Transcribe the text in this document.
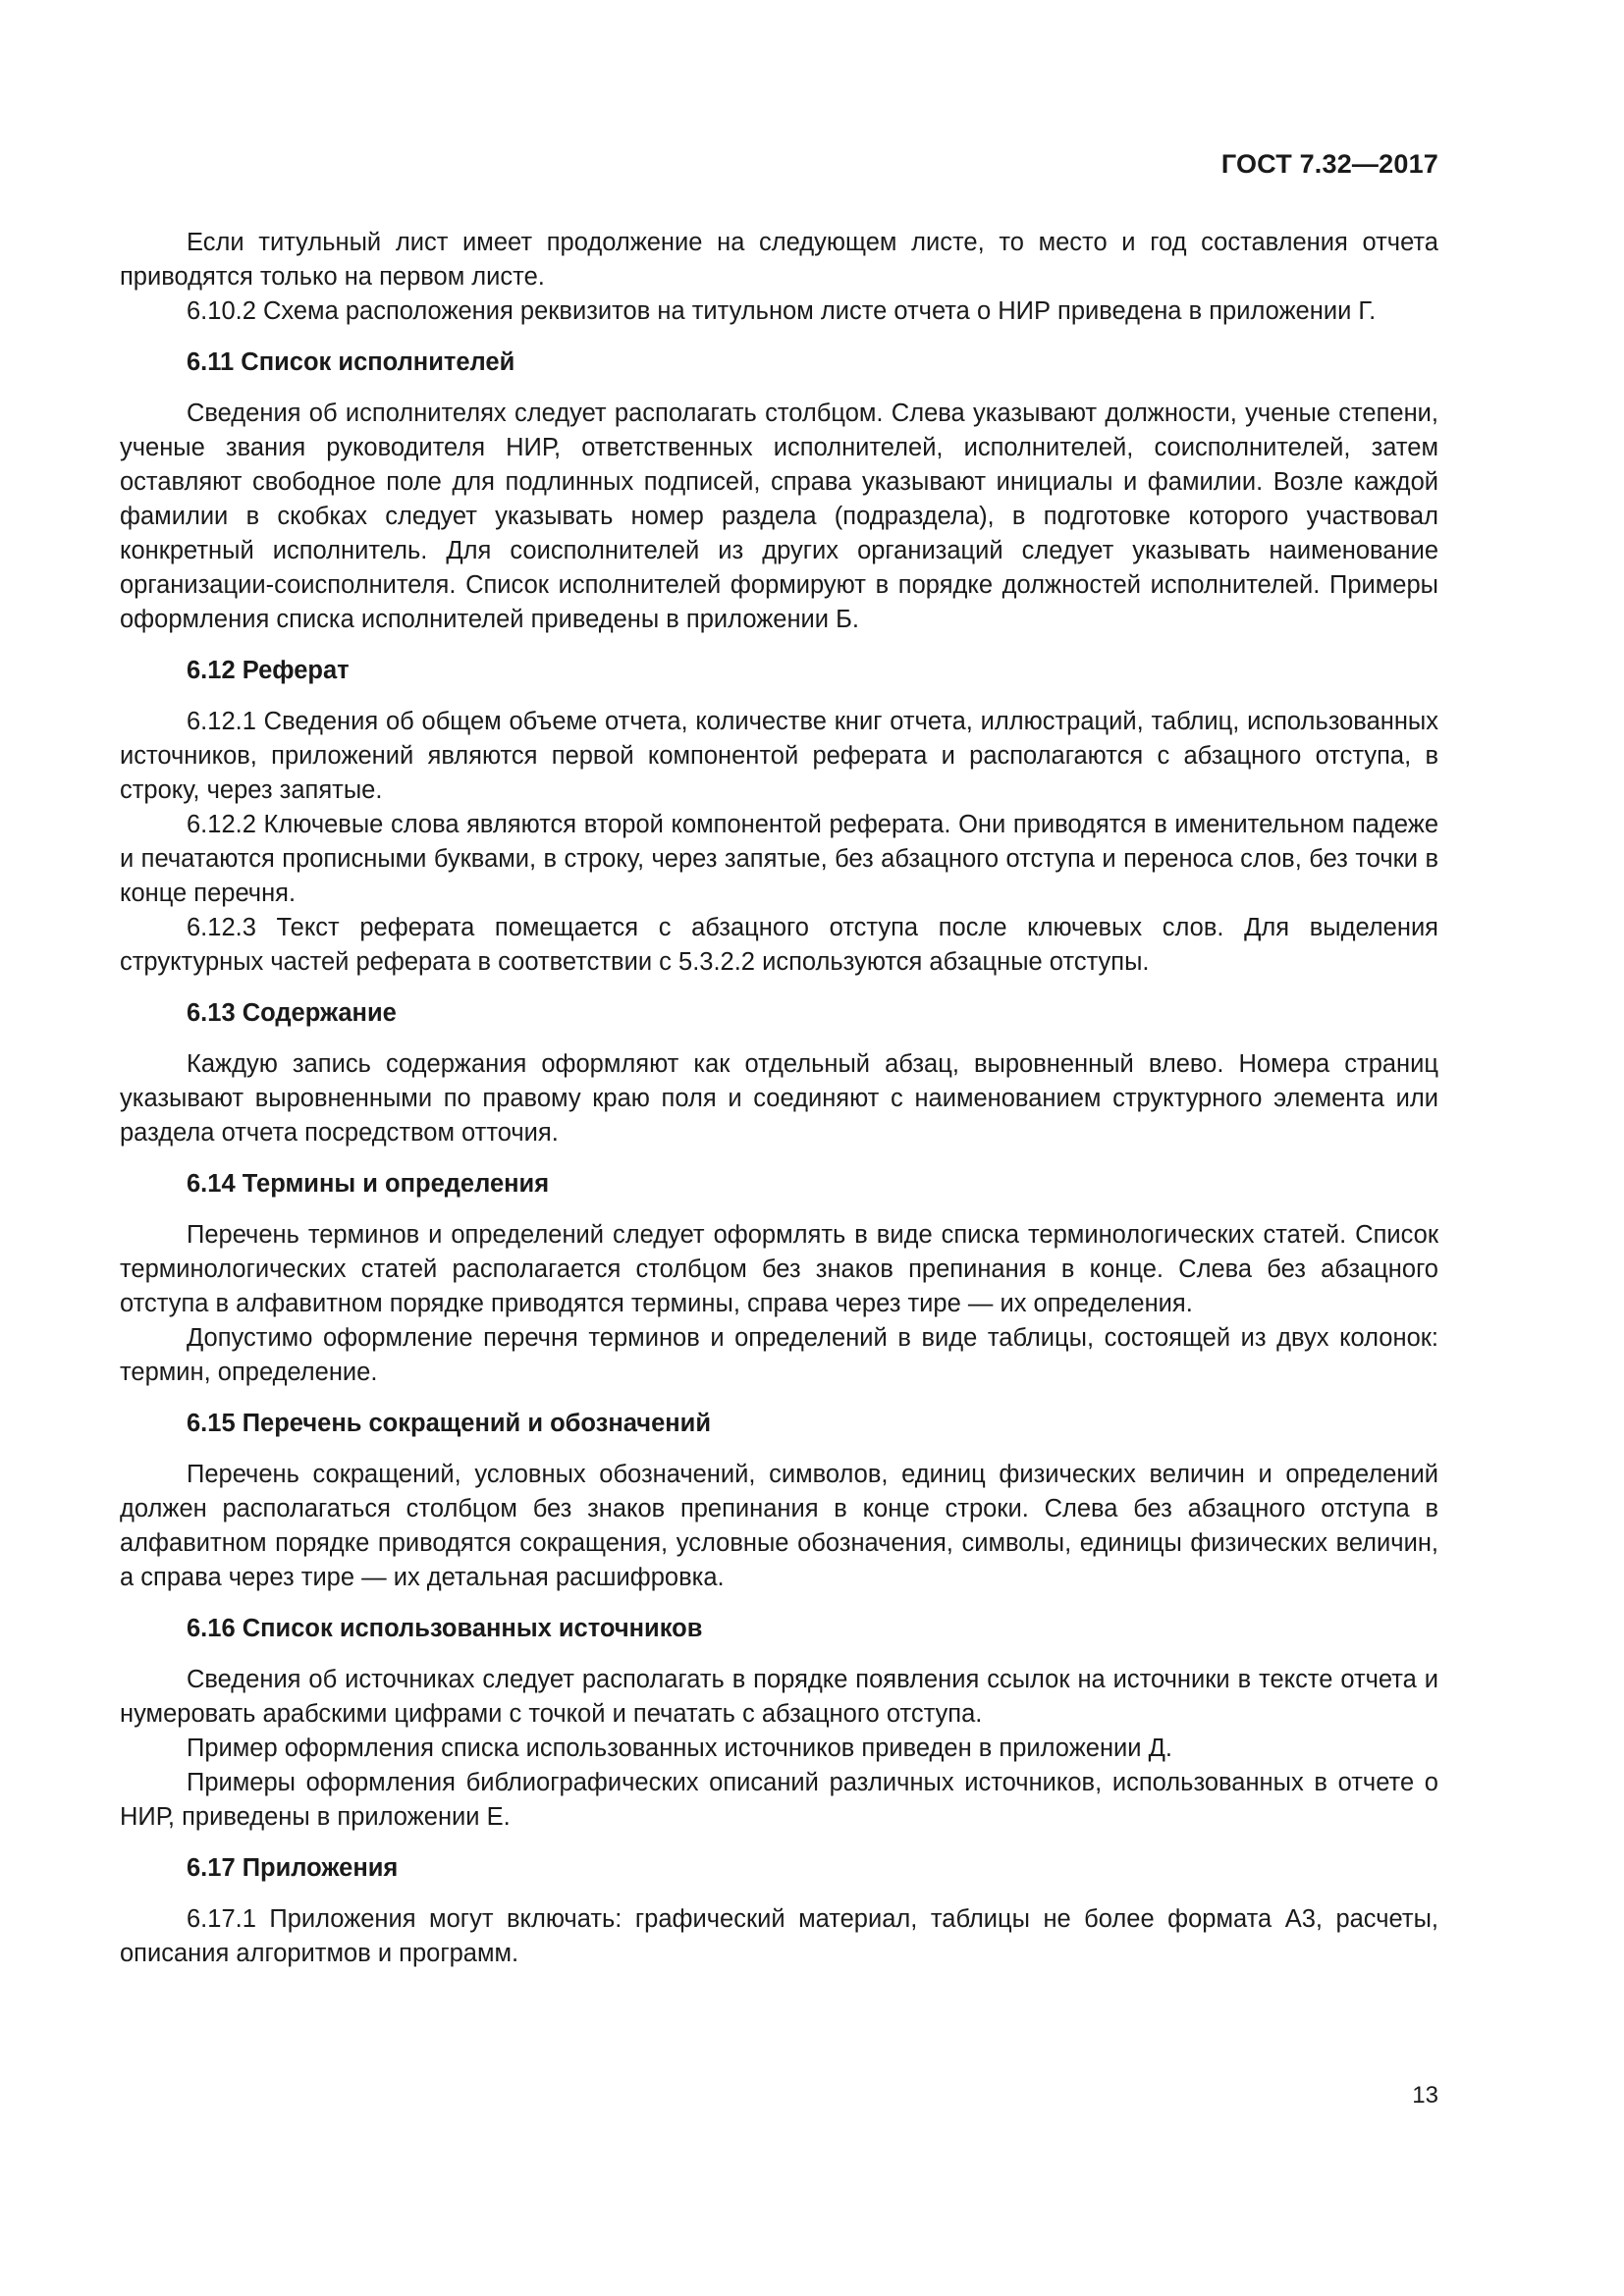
ГОСТ 7.32—2017

Если титульный лист имеет продолжение на следующем листе, то место и год составления отчета приводятся только на первом листе.

6.10.2 Схема расположения реквизитов на титульном листе отчета о НИР приведена в приложении Г.

6.11 Список исполнителей

Сведения об исполнителях следует располагать столбцом. Слева указывают должности, ученые степени, ученые звания руководителя НИР, ответственных исполнителей, исполнителей, соисполнителей, затем оставляют свободное поле для подлинных подписей, справа указывают инициалы и фамилии. Возле каждой фамилии в скобках следует указывать номер раздела (подраздела), в подготовке которого участвовал конкретный исполнитель. Для соисполнителей из других организаций следует указывать наименование организации-соисполнителя. Список исполнителей формируют в порядке должностей исполнителей. Примеры оформления списка исполнителей приведены в приложении Б.

6.12 Реферат

6.12.1 Сведения об общем объеме отчета, количестве книг отчета, иллюстраций, таблиц, использованных источников, приложений являются первой компонентой реферата и располагаются с абзацного отступа, в строку, через запятые.

6.12.2 Ключевые слова являются второй компонентой реферата. Они приводятся в именительном падеже и печатаются прописными буквами, в строку, через запятые, без абзацного отступа и переноса слов, без точки в конце перечня.

6.12.3 Текст реферата помещается с абзацного отступа после ключевых слов. Для выделения структурных частей реферата в соответствии с 5.3.2.2 используются абзацные отступы.

6.13 Содержание

Каждую запись содержания оформляют как отдельный абзац, выровненный влево. Номера страниц указывают выровненными по правому краю поля и соединяют с наименованием структурного элемента или раздела отчета посредством отточия.

6.14 Термины и определения

Перечень терминов и определений следует оформлять в виде списка терминологических статей. Список терминологических статей располагается столбцом без знаков препинания в конце. Слева без абзацного отступа в алфавитном порядке приводятся термины, справа через тире — их определения.

Допустимо оформление перечня терминов и определений в виде таблицы, состоящей из двух колонок: термин, определение.

6.15 Перечень сокращений и обозначений

Перечень сокращений, условных обозначений, символов, единиц физических величин и определений должен располагаться столбцом без знаков препинания в конце строки. Слева без абзацного отступа в алфавитном порядке приводятся сокращения, условные обозначения, символы, единицы физических величин, а справа через тире — их детальная расшифровка.

6.16 Список использованных источников

Сведения об источниках следует располагать в порядке появления ссылок на источники в тексте отчета и нумеровать арабскими цифрами с точкой и печатать с абзацного отступа.

Пример оформления списка использованных источников приведен в приложении Д.

Примеры оформления библиографических описаний различных источников, использованных в отчете о НИР, приведены в приложении Е.

6.17 Приложения

6.17.1 Приложения могут включать: графический материал, таблицы не более формата А3, расчеты, описания алгоритмов и программ.

13
